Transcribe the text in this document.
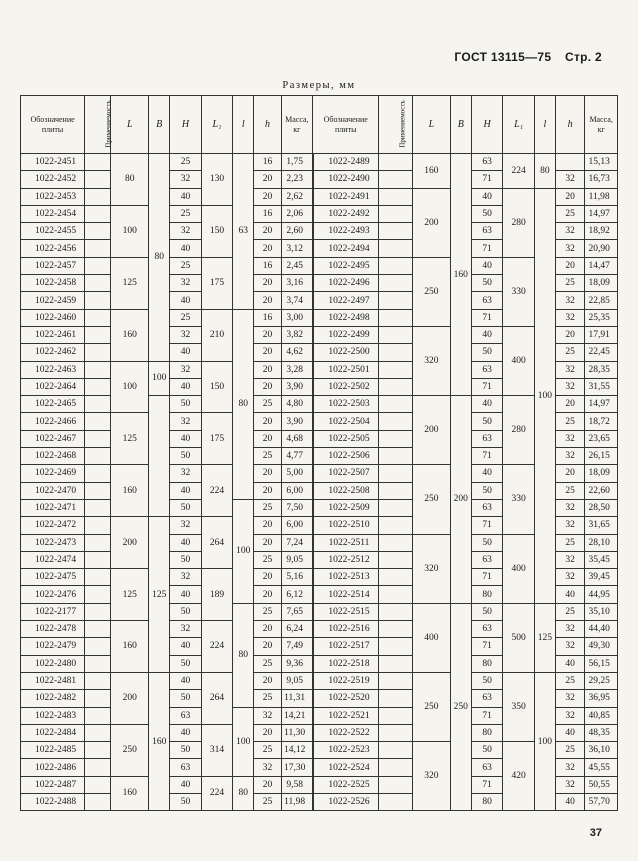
ГОСТ 13115—75 Стр. 2
Размеры, мм
Обозначение плиты	Применяемость	L	B	H	L₁	l	h	Масса, кг	Обозначение плиты	Применяемость	L	B	H	L₁	l	h	Масса, кг
1022-2451		80	80	25	130	63	16	1,75	1022-2489		160	160	63	224	80		15,13
1022-2452				32			20	2,23	1022-2490				71			32	16,73
1022-2453				40			20	2,62	1022-2491		200		40	280	100	20	11,98
1022-2454		100		25	150		16	2,06	1022-2492				50			25	14,97
1022-2455				32			20	2,60	1022-2493				63			32	18,92
1022-2456				40			20	3,12	1022-2494				71			32	20,90
1022-2457		125		25	175		16	2,45	1022-2495		250		40	330		20	14,47
1022-2458				32			20	3,16	1022-2496				50			25	18,09
1022-2459				40			20	3,74	1022-2497				63			32	22,85
1022-2460		160		25	210	80	16	3,00	1022-2498				71			32	25,35
1022-2461				32			20	3,82	1022-2499		320		40	400		20	17,91
1022-2462				40			20	4,62	1022-2500				50			25	22,45
1022-2463		100	100	32	150		20	3,28	1022-2501				63			32	28,35
1022-2464				40			20	3,90	1022-2502				71			32	31,55
1022-2465				50			25	4,80	1022-2503		200	200	40	280		20	14,97
1022-2466		125		32	175		20	3,90	1022-2504				50			25	18,72
1022-2467				40			20	4,68	1022-2505				63			32	23,65
1022-2468				50			25	4,77	1022-2506				71			32	26,15
1022-2469		160		32	224		20	5,00	1022-2507		250		40	330		20	18,09
1022-2470				40			20	6,00	1022-2508				50			25	22,60
1022-2471				50		100	25	7,50	1022-2509				63			32	28,50
1022-2472		200	125	32	264		20	6,00	1022-2510				71			32	31,65
1022-2473				40			20	7,24	1022-2511		320		50	400		25	28,10
1022-2474				50			25	9,05	1022-2512				63			32	35,45
1022-2475		125		32	189		20	5,16	1022-2513				71			32	39,45
1022-2476				40			20	6,12	1022-2514				80			40	44,95
1022-2177				50		80	25	7,65	1022-2515		400	250	50	500	125	25	35,10
1022-2478		160		32	224		20	6,24	1022-2516				63			32	44,40
1022-2479				40			20	7,49	1022-2517				71			32	49,30
1022-2480				50			25	9,36	1022-2518				80			40	56,15
1022-2481		200	160	40	264		20	9,05	1022-2519		250		50	350	100	25	29,25
1022-2482				50			25	11,31	1022-2520				63			32	36,95
1022-2483				63		100	32	14,21	1022-2521				71			32	40,85
1022-2484		250		40	314		20	11,30	1022-2522				80			40	48,35
1022-2485				50			25	14,12	1022-2523		320		50	420		25	36,10
1022-2486				63			32	17,30	1022-2524				63			32	45,55
1022-2487		160		40	224	80	20	9,58	1022-2525				71			32	50,55
1022-2488				50			25	11,98	1022-2526				80			40	57,70
37
